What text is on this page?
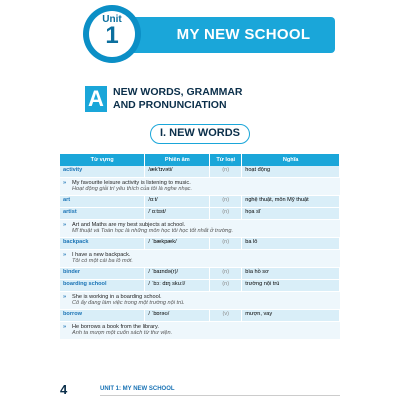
MY NEW SCHOOL
Unit
1
A NEW WORDS, GRAMMAR
AND PRONUNCIATION
I. NEW WORDS
Từ vựng	Phiên âm	Từ loại	Nghĩa
activity	/æk'tɪvəti/	(n)	hoạt động

» My favourite leisure activity is listening to music.
Hoạt động giải trí yêu thích của tôi là nghe nhạc.			

art	/ɑːt/	(n)	nghệ thuật, môn Mỹ thuật
artist	/ˈɑːtɪst/	(n)	họa sĩ

» Art and Maths are my best subjects at school.
Mĩ thuật và Toán học là những môn học tôi học tốt nhất ở trường.			

backpack	/ ˈbækpæk/	(n)	ba lô

» I have a new backpack.
Tôi có một cái ba lô mới.			

binder	/ ˈbaɪndə(r)/	(n)	bìa hồ sơ
boarding school	/ ˈbɔː dɪŋ skuːl/	(n)	trường nội trú

» She is working in a boarding school.
Cô ấy đang làm việc trong một trường nội trú.			

borrow	/ ˈbɒrəʊ/	(v)	mượn, vay

» He borrows a book from the library.
Anh ta mượn một cuốn sách từ thư viện.			
4	UNIT 1: MY NEW SCHOOL
